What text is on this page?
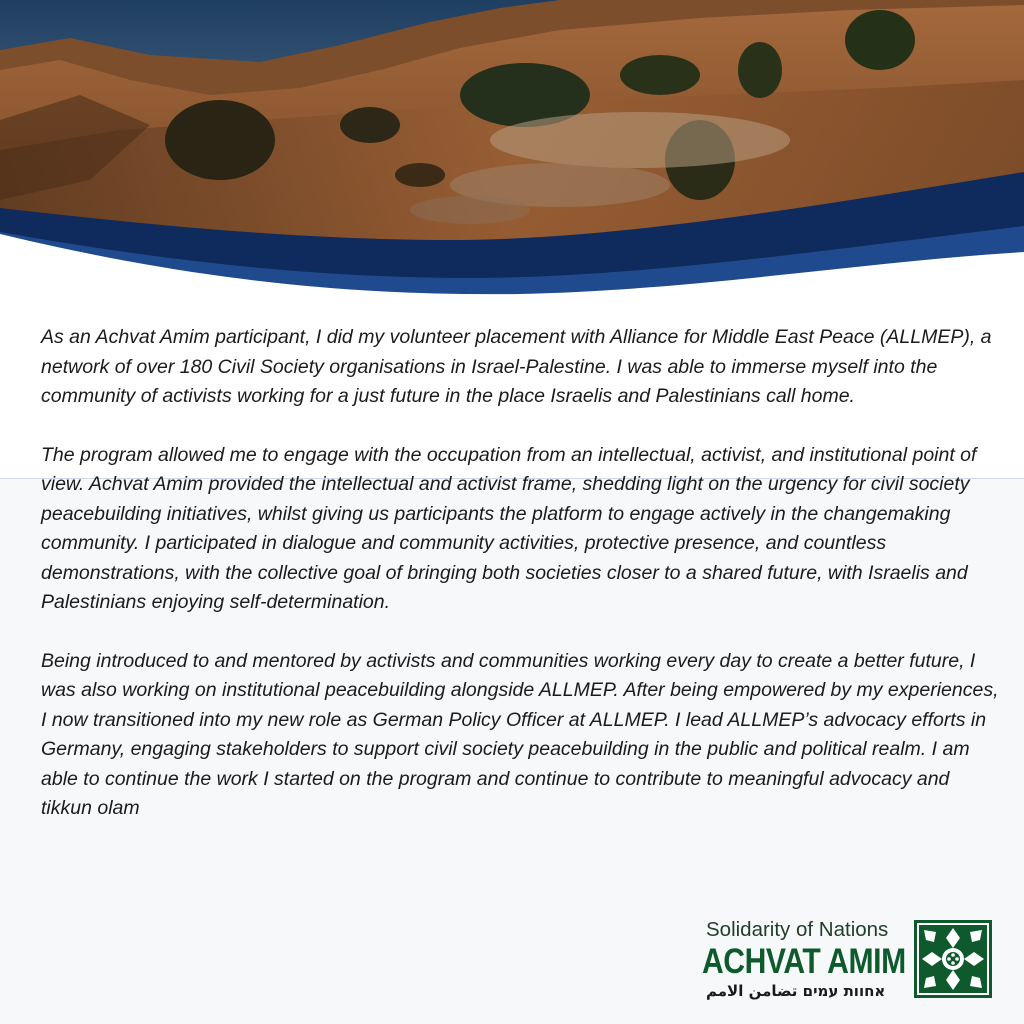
As an Achvat Amim participant, I did my volunteer placement with Alliance for Middle East Peace (ALLMEP), a network of over 180 Civil Society organisations in Israel-Palestine. I was able to immerse myself into the community of activists working for a just future in the place Israelis and Palestinians call home.

The program allowed me to engage with the occupation from an intellectual, activist, and institutional point of view. Achvat Amim provided the intellectual and activist frame, shedding light on the urgency for civil society peacebuilding initiatives, whilst giving us participants the platform to engage actively in the changemaking community. I participated in dialogue and community activities, protective presence, and countless demonstrations, with the collective goal of bringing both societies closer to a shared future, with Israelis and Palestinians enjoying self-determination.

Being introduced to and mentored by activists and communities working every day to create a better future, I was also working on institutional peacebuilding alongside ALLMEP. After being empowered by my experiences, I now transitioned into my new role as German Policy Officer at ALLMEP. I lead ALLMEP’s advocacy efforts in Germany, engaging stakeholders to support civil society peacebuilding in the public and political realm. I am able to continue the work I started on the program and continue to contribute to meaningful advocacy and tikkun olam

Solidarity of Nations
ACHVAT AMIM
אחוות עמים تضامن الامم
